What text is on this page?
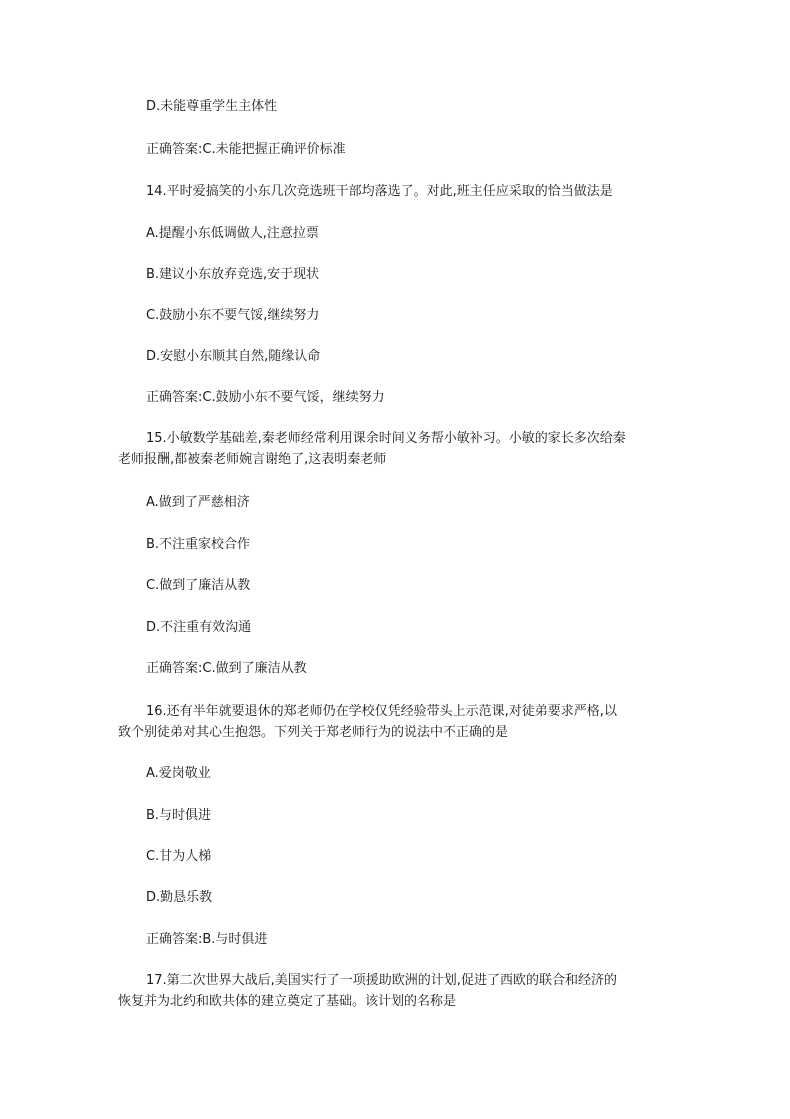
D.未能尊重学生主体性
正确答案:C.未能把握正确评价标准
14.平时爱搞笑的小东几次竞选班干部均落选了。对此,班主任应采取的恰当做法是
A.提醒小东低调做人,注意拉票
B.建议小东放弃竞选,安于现状
C.鼓励小东不要气馁,继续努力
D.安慰小东顺其自然,随缘认命
正确答案:C.鼓励小东不要气馁，继续努力
15.小敏数学基础差,秦老师经常利用课余时间义务帮小敏补习。小敏的家长多次给秦
老师报酬,都被秦老师婉言谢绝了,这表明秦老师
A.做到了严慈相济
B.不注重家校合作
C.做到了廉洁从教
D.不注重有效沟通
正确答案:C.做到了廉洁从教
16.还有半年就要退休的郑老师仍在学校仅凭经验带头上示范课,对徒弟要求严格,以
致个别徒弟对其心生抱怨。下列关于郑老师行为的说法中不正确的是
A.爱岗敬业
B.与时俱进
C.甘为人梯
D.勤恳乐教
正确答案:B.与时俱进
17.第二次世界大战后,美国实行了一项援助欧洲的计划,促进了西欧的联合和经济的
恢复并为北约和欧共体的建立奠定了基础。该计划的名称是
